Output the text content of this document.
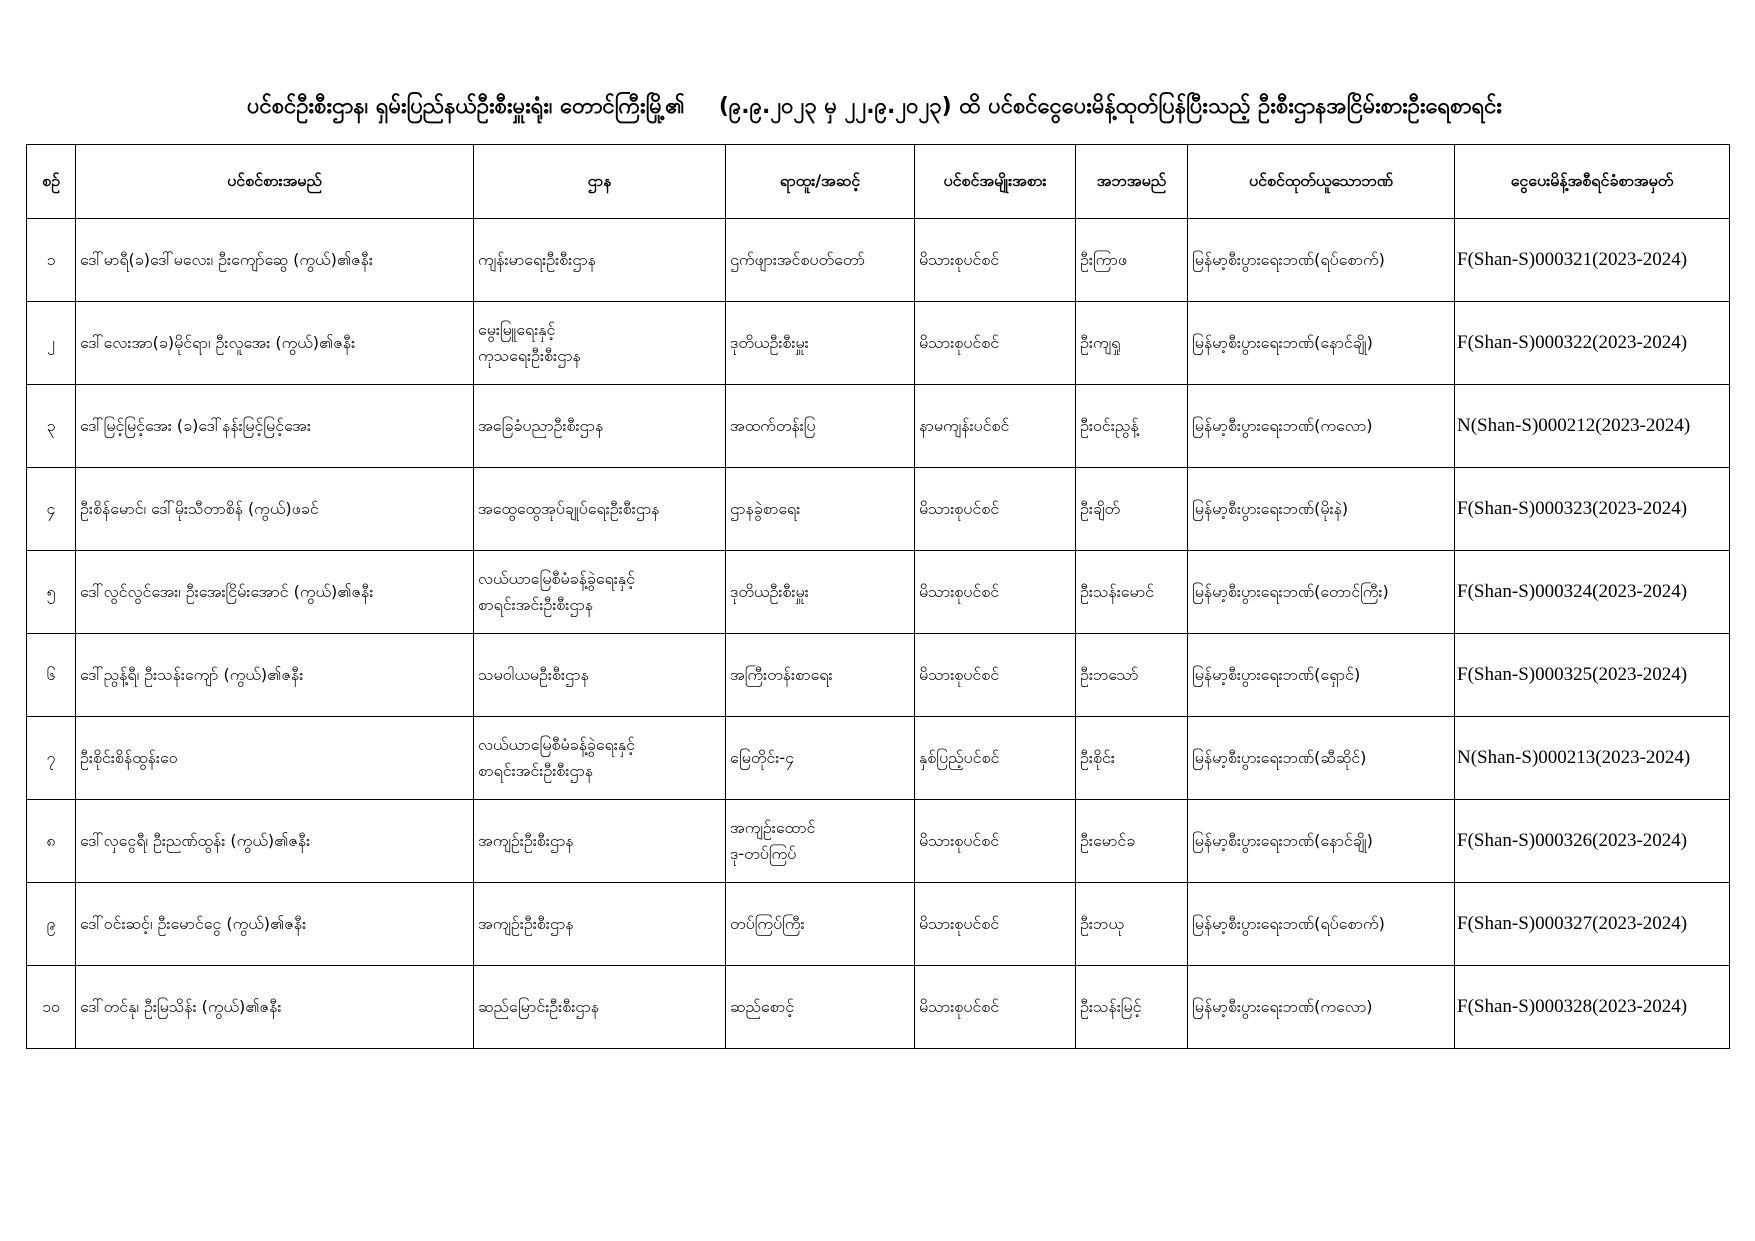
ပင်စင်ဦးစီးဌာန၊ ရှမ်းပြည်နယ်ဦးစီးမှူးရုံး၊ တောင်ကြီးမြို့၏ (၉.၉.၂၀၂၃ မှ ၂၂.၉.၂၀၂၃) ထိ ပင်စင်ငွေပေးမိန့်ထုတ်ပြန်ပြီးသည့် ဦးစီးဌာနအငြိမ်းစားဦးရေစာရင်း
စဉ်	ပင်စင်စားအမည်	ဌာန	ရာထူး/အဆင့်	ပင်စင်အမျိုးအစား	အဘအမည်	ပင်စင်ထုတ်ယူသောဘဏ်	ငွေပေးမိန့်အစီရင်ခံစာအမှတ်
၁	ဒေါ်မာရီ(ခ)ဒေါ်မလေး၊ ဦးကျော်ဆွေ (ကွယ်)၏ဇနီး	ကျန်းမာရေးဦးစီးဌာန	ဌက်ဖျားအင်စပတ်တော်	မိသားစုပင်စင်	ဦးကြာဖ	မြန်မာ့စီးပွားရေးဘဏ်(ရပ်စောက်)	F(Shan-S)000321(2023-2024)
၂	ဒေါ်လေးအာ(ခ)မိုင်ရာ၊ ဦးလူအေး (ကွယ်)၏ဇနီး	မွေးမြူရေးနှင့်
ကုသရေးဦးစီးဌာန	ဒုတိယဦးစီးမှူး	မိသားစုပင်စင်	ဦးကျရှု	မြန်မာ့စီးပွားရေးဘဏ်(နောင်ချို)	F(Shan-S)000322(2023-2024)
၃	ဒေါ်မြင့်မြင့်အေး (ခ)ဒေါ်နန်းမြင့်မြင့်အေး	အခြေခံပညာဦးစီးဌာန	အထက်တန်းပြ	နာမကျန်းပင်စင်	ဦးဝင်းညွန့်	မြန်မာ့စီးပွားရေးဘဏ်(ကလော)	N(Shan-S)000212(2023-2024)
၄	ဦးစိန်မောင်၊ ဒေါ်မိုးသီတာစိန် (ကွယ်)ဖခင်	အထွေထွေအုပ်ချုပ်ရေးဦးစီးဌာန	ဌာနခွဲစာရေး	မိသားစုပင်စင်	ဦးချိတ်	မြန်မာ့စီးပွားရေးဘဏ်(မိုးနဲ)	F(Shan-S)000323(2023-2024)
၅	ဒေါ်လွင်လွင်အေး၊ ဦးအေးငြိမ်းအောင် (ကွယ်)၏ဇနီး	လယ်ယာမြေစီမံခန့်ခွဲရေးနှင့်
စာရင်းအင်းဦးစီးဌာန	ဒုတိယဦးစီးမှူး	မိသားစုပင်စင်	ဦးသန်းမောင်	မြန်မာ့စီးပွားရေးဘဏ်(တောင်ကြီး)	F(Shan-S)000324(2023-2024)
၆	ဒေါ်ညွန့်ရီ၊ ဦးသန်းကျော် (ကွယ်)၏ဇနီး	သမဝါယမဦးစီးဌာန	အကြီးတန်းစာရေး	မိသားစုပင်စင်	ဦးဘသော်	မြန်မာ့စီးပွားရေးဘဏ်(ရှောင်)	F(Shan-S)000325(2023-2024)
၇	ဦးစိုင်းစိန်ထွန်းဝေ	လယ်ယာမြေစီမံခန့်ခွဲရေးနှင့်
စာရင်းအင်းဦးစီးဌာန	မြေတိုင်း-၄	နှစ်ပြည့်ပင်စင်	ဦးစိုင်း	မြန်မာ့စီးပွားရေးဘဏ်(ဆီဆိုင်)	N(Shan-S)000213(2023-2024)
၈	ဒေါ်လှငွေရီ၊ ဦးညဏ်ထွန်း (ကွယ်)၏ဇနီး	အကျဉ်းဦးစီးဌာန	အကျဉ်းထောင်
ဒု-တပ်ကြပ်	မိသားစုပင်စင်	ဦးမောင်ခ	မြန်မာ့စီးပွားရေးဘဏ်(နောင်ချို)	F(Shan-S)000326(2023-2024)
၉	ဒေါ်ဝင်းဆင့်၊ ဦးမောင်ငွေ (ကွယ်)၏ဇနီး	အကျဉ်းဦးစီးဌာန	တပ်ကြပ်ကြီး	မိသားစုပင်စင်	ဦးဘယု	မြန်မာ့စီးပွားရေးဘဏ်(ရပ်စောက်)	F(Shan-S)000327(2023-2024)
၁၀	ဒေါ်တင်နု၊ ဦးမြသိန်း (ကွယ်)၏ဇနီး	ဆည်မြောင်းဦးစီးဌာန	ဆည်စောင့်	မိသားစုပင်စင်	ဦးသန်းမြင့်	မြန်မာ့စီးပွားရေးဘဏ်(ကလော)	F(Shan-S)000328(2023-2024)
